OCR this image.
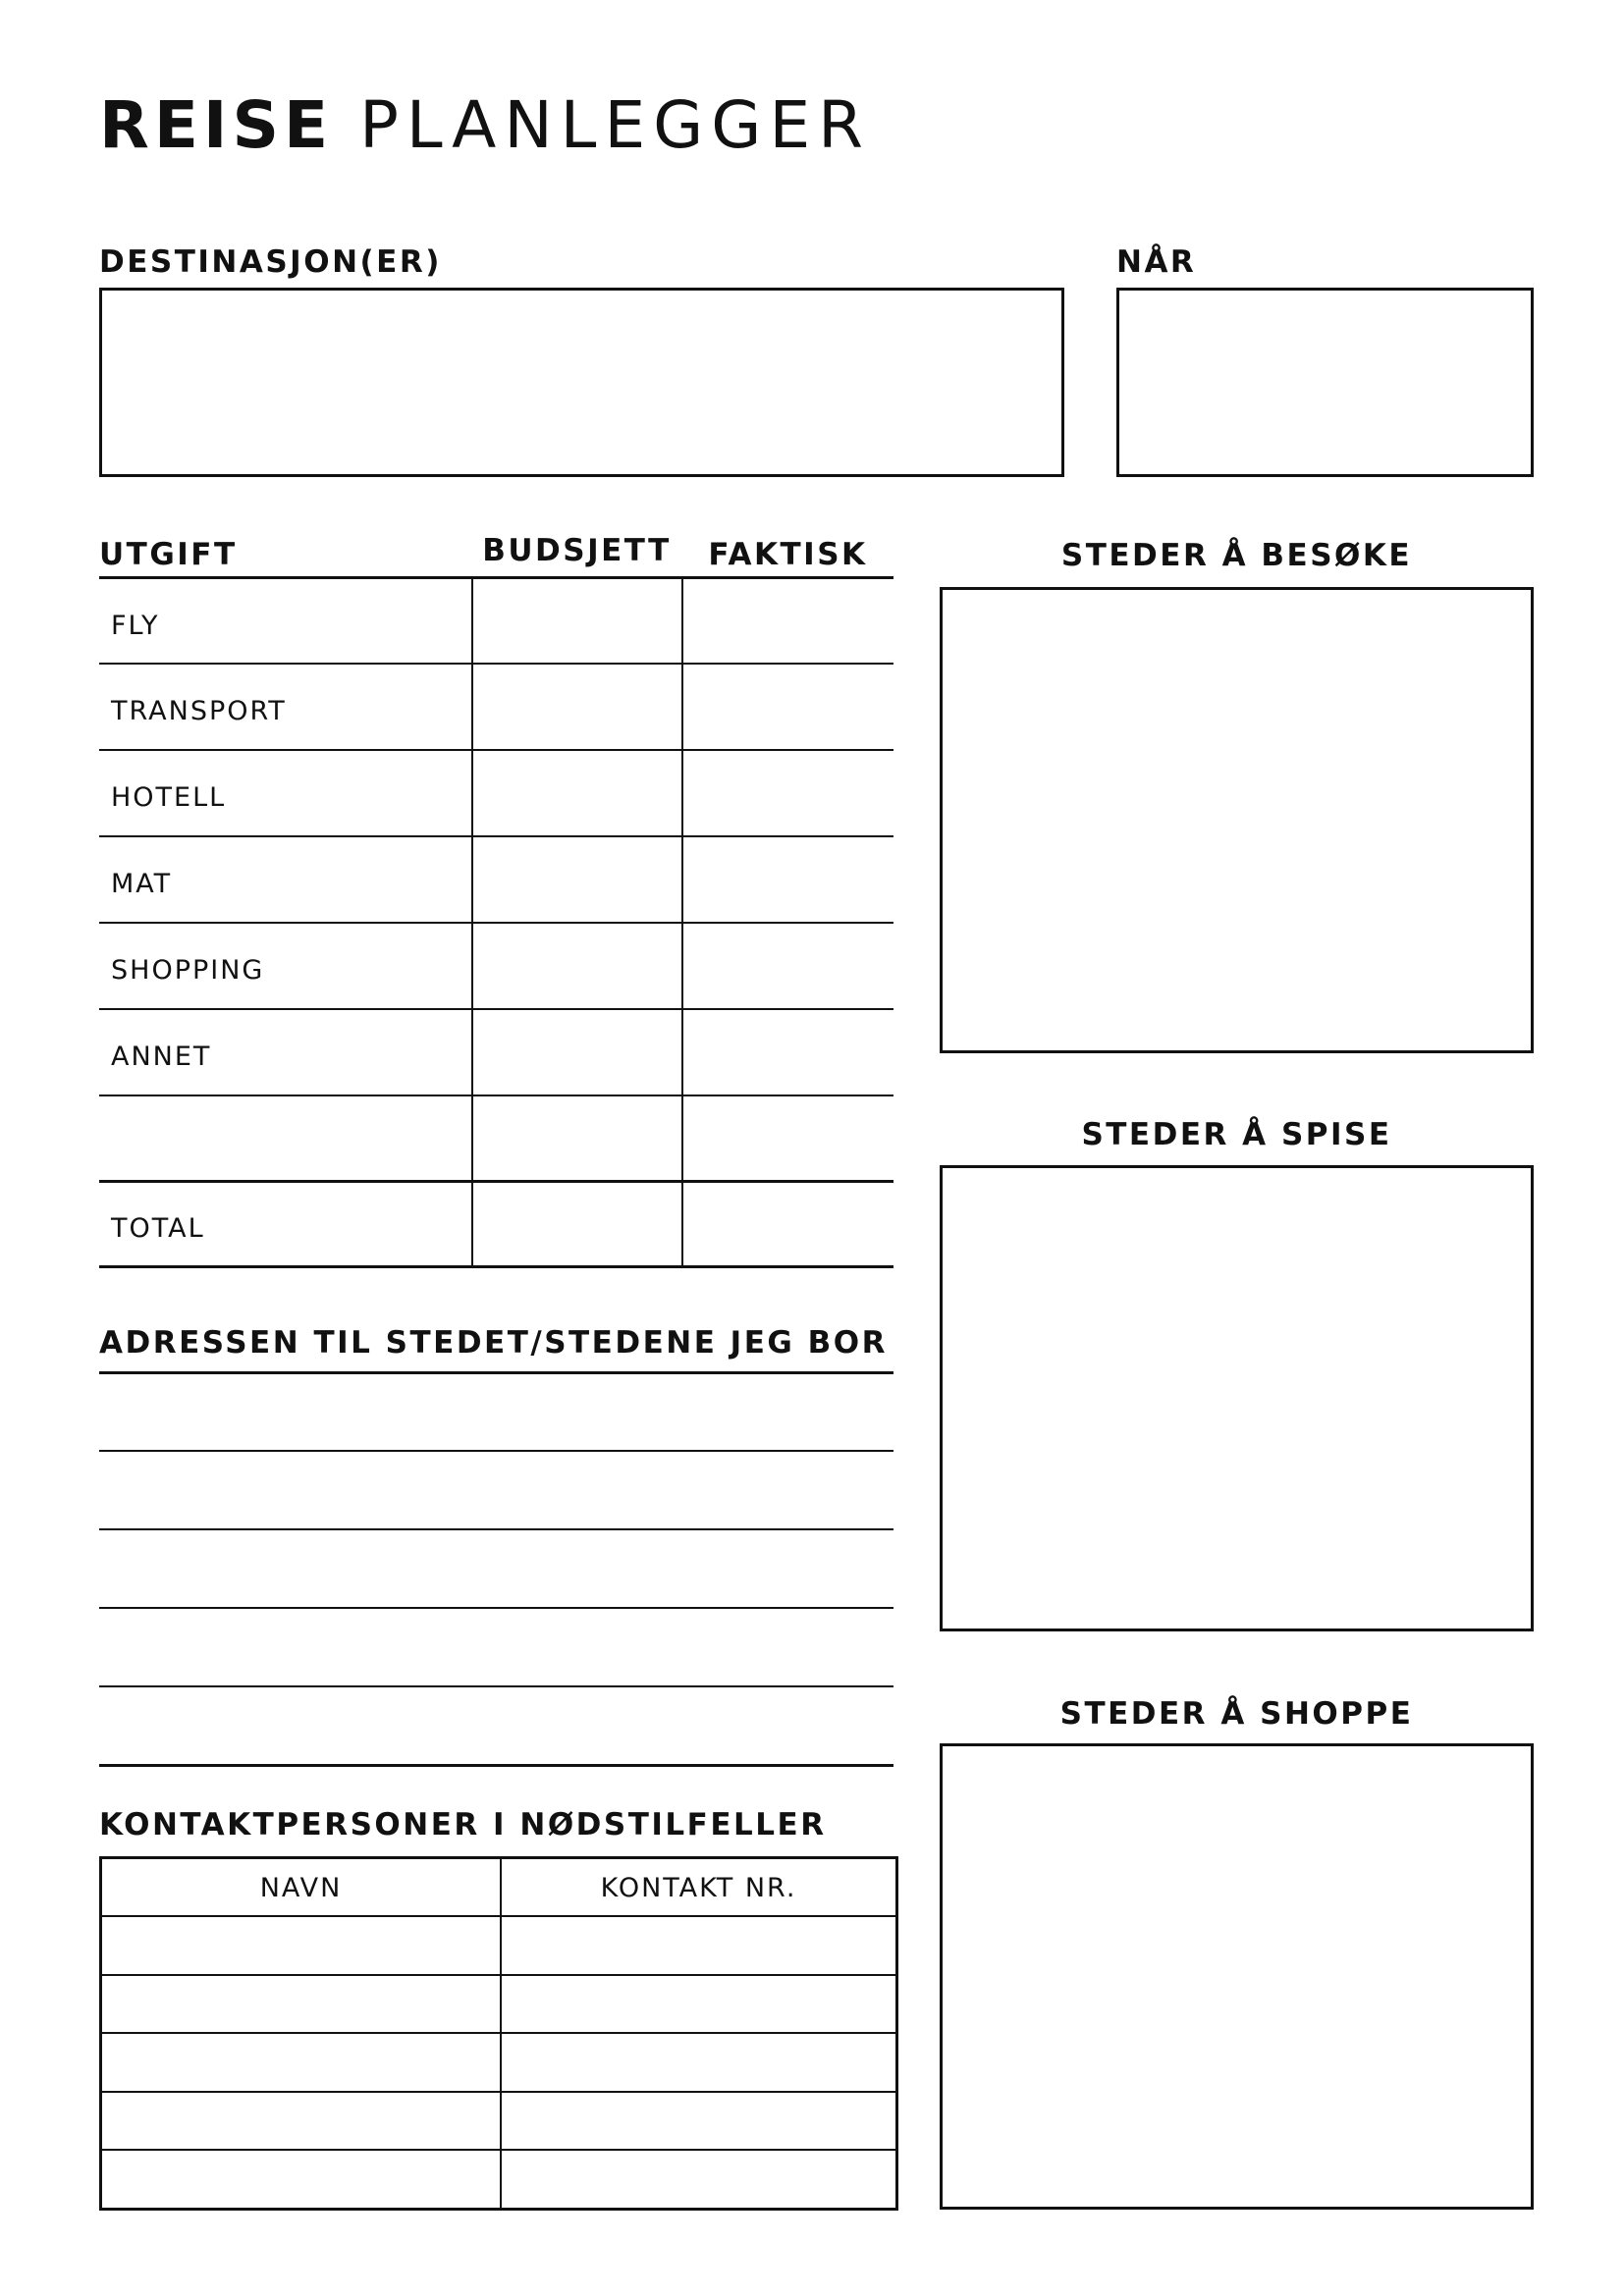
REISE PLANLEGGER
DESTINASJON(ER)	NÅR
UTGIFT	BUDSJETT	FAKTISK
FLY
TRANSPORT
HOTELL
MAT
SHOPPING
ANNET
TOTAL
STEDER Å BESØKE
STEDER Å SPISE
STEDER Å SHOPPE
ADRESSEN TIL STEDET/STEDENE JEG BOR
KONTAKTPERSONER I NØDSTILFELLER
NAVN	KONTAKT NR.
